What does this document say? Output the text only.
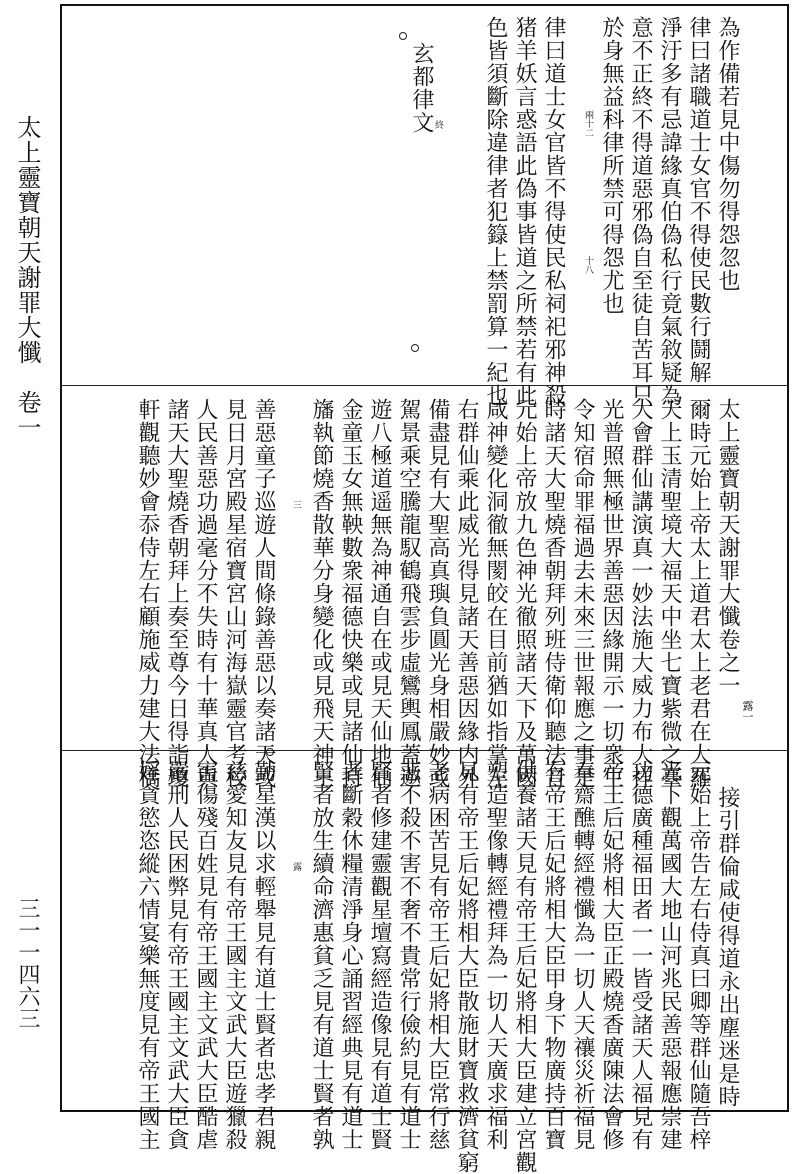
太上靈寶朝天謝罪大懺　卷一
三一一四六三
為作備若見中傷勿得怨忽也
律曰諸職道士女官不得使民數行鬪解
淨汙多有忌諱緣真伯偽私行竟氣敘疑為
意不正終不得道惡邪偽自至徒自苦耳只
於身無益科律所禁可得怨尤也
律曰道士女官皆不得使民私祠祀邪神殺
猪羊妖言惑語此偽事皆道之所禁若有此
色皆須斷除違律者犯籙上禁罰算一紀也
玄都律文
十八
兩十二
終
太上靈寶朝天謝罪大懺卷之一
爾時元始上帝太上道君太上老君在大羅
天上玉清聖境大福天中坐七寶紫微之臺
大會群仙講演真一妙法施大威力布大祥
光普照無極世界善惡因緣開示一切衆生
令知宿命罪福過去未來三世報應之事是
時諸天大聖燒香朝拜列班侍衛仰聽法音
元始上帝放九色神光徹照諸天下及萬國
咸神變化洞徹無閡皎在目前猶如指掌左
右群仙乘此威光得見諸天善惡因緣内外
備盡見有大聖高真璵負圓光身相嚴妙或
駕景乘空騰龍馭鶴飛雲步虛鸞輿鳳蓋遨
遊八極道遥無為神通自在或見天仙地仙
金童玉女無鞅數衆福德快樂或見諸仙持
旛執節燒香散華分身變化或見飛天神王
善惡童子巡遊人間條錄善惡以奏諸天或
見日月宮殿星宿寶宮山河海嶽靈官考校
人民善惡功過毫分不失時有十華真人與
諸天大聖燒香朝拜上奏至尊今日得詣瓊
軒觀聽妙會忝侍左右顧施威力建大法橋	露一
三
接引群倫咸使得道永出塵迷是時
元始上帝告左右侍真曰卿等群仙隨吾梓
光下觀萬國大地山河兆民善惡報應崇建
功德廣種福田者一一皆受諸天人福見有
帝王后妃將相大臣正殿燒香廣陳法會修
奉齋醮轉經禮懺為一切人天禳災祈福見
有帝王后妃將相大臣甲身下物廣持百寶
供養諸天見有帝王后妃將相大臣建立宮觀
塑造聖像轉經禮拜為一切人天廣求福利
見有帝王后妃將相大臣散施財寶救濟貧窮
老病困苦見有帝王后妃將相大臣常行慈
悲不殺不害不奢不貴常行儉約見有道士
賢者修建靈觀星壇寫經造像見有道士賢
者斷穀休糧清淨身心誦習經典見有道士
賢者放生續命濟惠貧乏見有道士賢者孰
勤星漢以求輕舉見有道士賢者忠孝君親
慈愛知友見有帝王國主文武大臣遊獵殺
害傷殘百姓見有帝王國主文武大臣酷虐
嚴刑人民困弊見有帝王國主文武大臣貪
婬貪慾恣縱六情宴樂無度見有帝王國主	露
